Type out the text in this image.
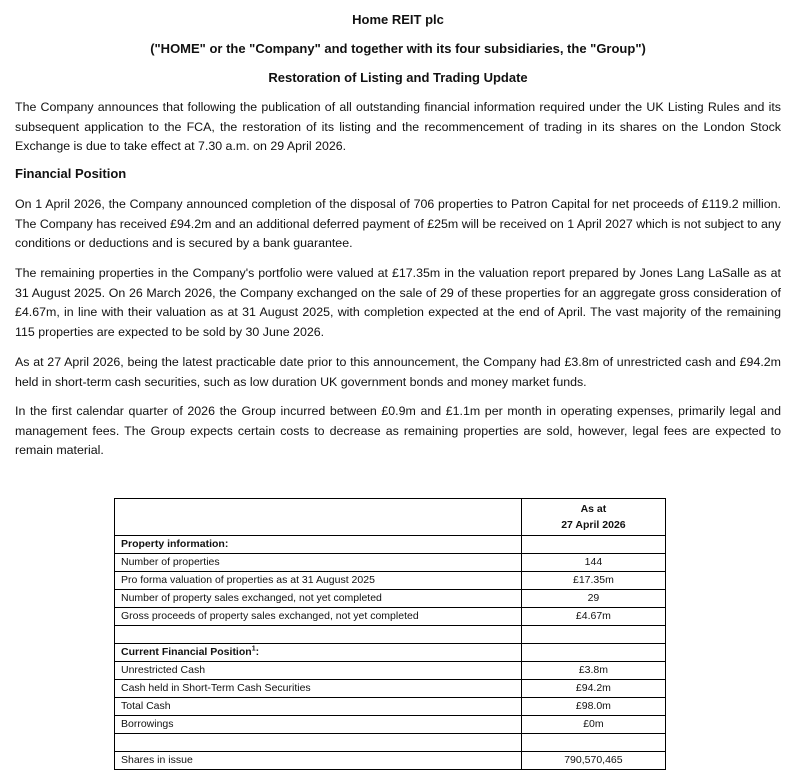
Home REIT plc

("HOME" or the "Company" and together with its four subsidiaries, the "Group")

Restoration of Listing and Trading Update

The Company announces that following the publication of all outstanding financial information required under the UK Listing Rules and its subsequent application to the FCA, the restoration of its listing and the recommencement of trading in its shares on the London Stock Exchange is due to take effect at 7.30 a.m. on 29 April 2026.

Financial Position

On 1 April 2026, the Company announced completion of the disposal of 706 properties to Patron Capital for net proceeds of £119.2 million. The Company has received £94.2m and an additional deferred payment of £25m will be received on 1 April 2027 which is not subject to any conditions or deductions and is secured by a bank guarantee.

The remaining properties in the Company's portfolio were valued at £17.35m in the valuation report prepared by Jones Lang LaSalle as at 31 August 2025. On 26 March 2026, the Company exchanged on the sale of 29 of these properties for an aggregate gross consideration of £4.67m, in line with their valuation as at 31 August 2025, with completion expected at the end of April. The vast majority of the remaining 115 properties are expected to be sold by 30 June 2026.

As at 27 April 2026, being the latest practicable date prior to this announcement, the Company had £3.8m of unrestricted cash and £94.2m held in short-term cash securities, such as low duration UK government bonds and money market funds.

In the first calendar quarter of 2026 the Group incurred between £0.9m and £1.1m per month in operating expenses, primarily legal and management fees. The Group expects certain costs to decrease as remaining properties are sold, however, legal fees are expected to remain material.

	As at
27 April 2026
Property information:	
Number of properties	144
Pro forma valuation of properties as at 31 August 2025	£17.35m
Number of property sales exchanged, not yet completed	29
Gross proceeds of property sales exchanged, not yet completed	£4.67m

Current Financial Position$^1$:	
Unrestricted Cash	£3.8m
Cash held in Short-Term Cash Securities	£94.2m
Total Cash	£98.0m
Borrowings	£0m

Shares in issue	790,570,465
